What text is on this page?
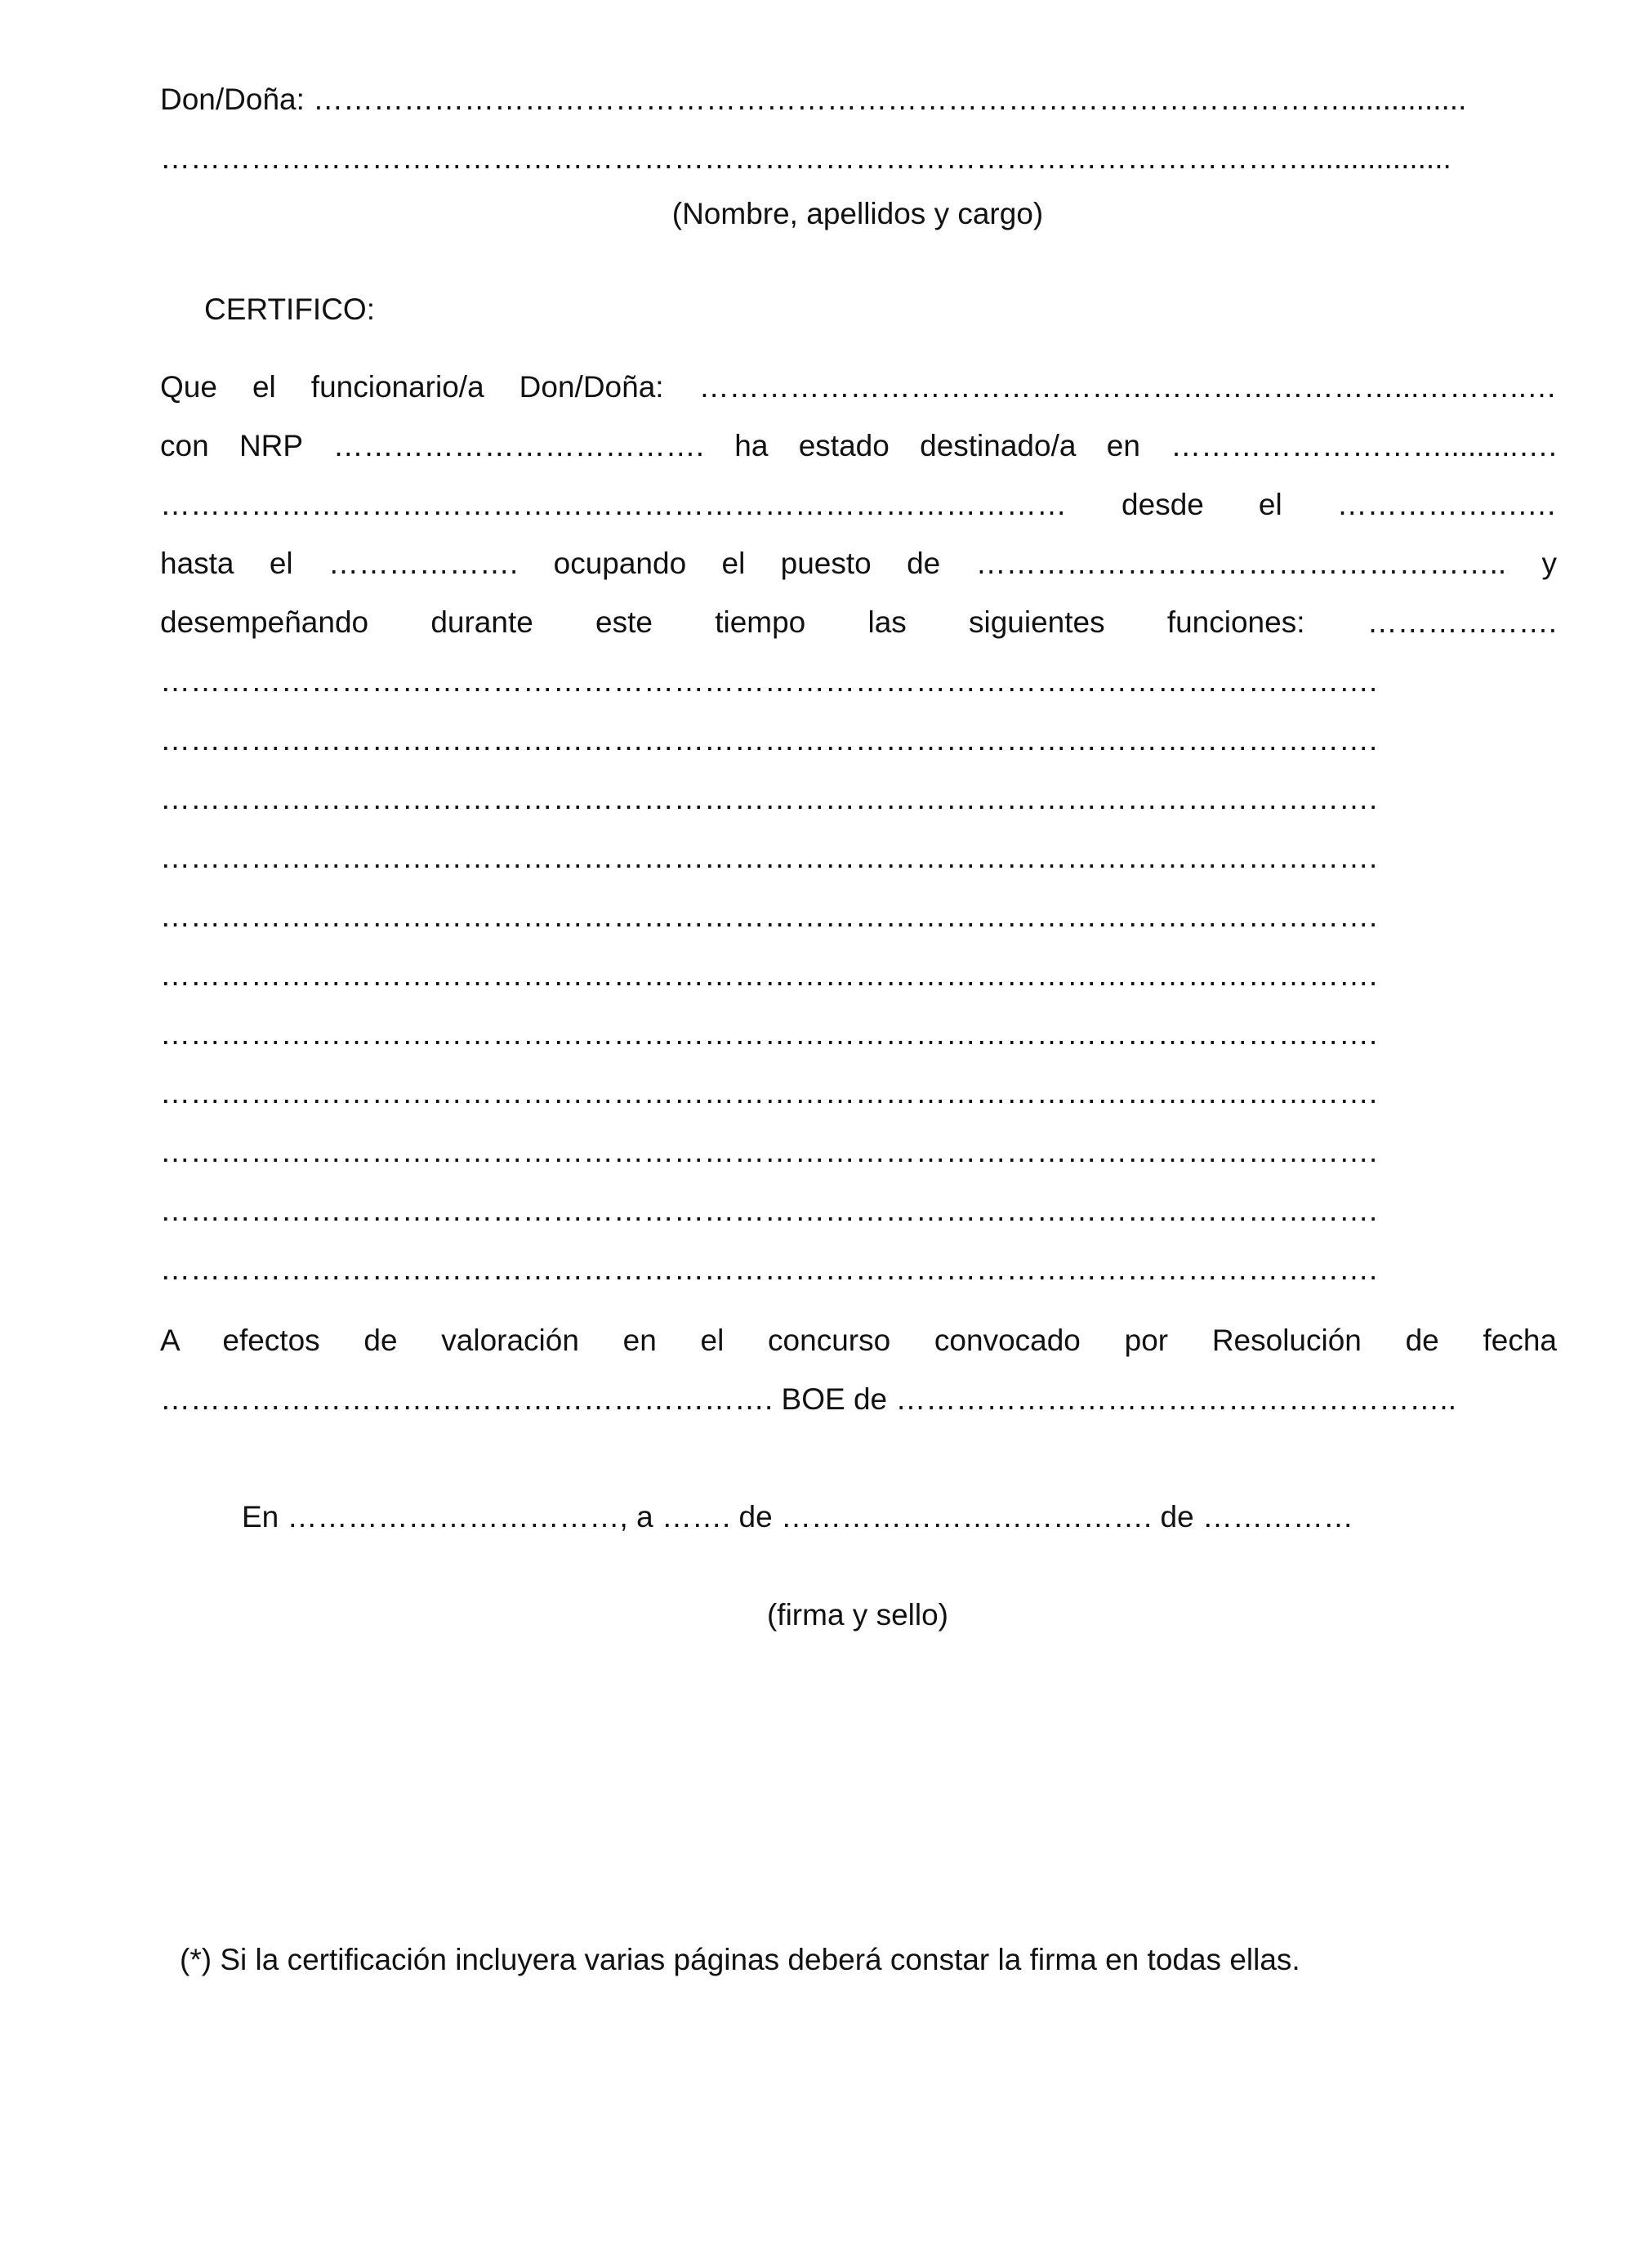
Don/Doña: …………………………………………………………………………………………...............
…………………………………………………………………………………………………….................
(Nombre, apellidos y cargo)
CERTIFICO:
Que el funcionario/a Don/Doña: ……………………………………………………………...………..…
con NRP ………………………………. ha estado destinado/a en ……………………….........….
……………………………………………………………………………… desde el ……………….…
hasta el ………………. ocupando el puesto de …………………………………………….. y
desempeñando durante este tiempo las siguientes funciones: ……………….
………………………………………………………………………………………………………….
………………………………………………………………………………………………………….
………………………………………………………………………………………………………….
………………………………………………………………………………………………………….
………………………………………………………………………………………………………….
………………………………………………………………………………………………………….
………………………………………………………………………………………………………….
………………………………………………………………………………………………………….
………………………………………………………………………………………………………….
………………………………………………………………………………………………………….
………………………………………………………………………………………………………….
A efectos de valoración en el concurso convocado por Resolución de fecha
……………………………………………………. BOE de ………………………………………………..
En ……………………………, a ……. de ………………………………. de ……………
(firma y sello)
(*) Si la certificación incluyera varias páginas deberá constar la firma en todas ellas.
